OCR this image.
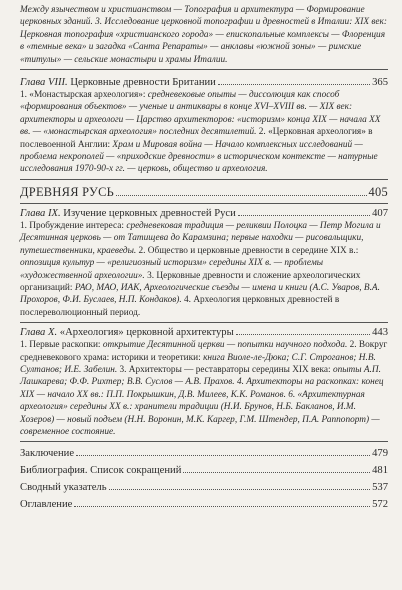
Между язычеством и христианством — Топография и архитектура — Формирование церковных зданий. 3. Исследование церковной топографии и древностей в Италии: XIX век: Церковная топография «христианского города» — епископальные комплексы — Флоренция в «темные века» и загадка «Санта Репараты» — анклавы «южной зоны» — римские «титулы» — сельские монастыри и храмы Италии.

Глава VIII. Церковные древности Британии	365

1. «Монастырская археология»: средневековые опыты — диссолюция как способ «формирования объектов» — ученые и антиквары в конце XVI–XVIII вв. — XIX век: архитекторы и археологи — Царство архитекторов: «историзм» конца XIX — начала XX вв. — «монастырская археология» последних десятилетий. 2. «Церковная археология» в послевоенной Англии: Храм и Мировая война — Начало комплексных исследований — проблема некрополей — «приходские древности» в историческом контексте — натурные исследования 1970-90-х гг. — церковь, общество и археология.

ДРЕВНЯЯ РУСЬ	405
Глава IX. Изучение церковных древностей Руси	407

1. Пробуждение интереса: средневековая традиция — реликвии Полоцка — Петр Могила и Десятинная церковь — от Татищева до Карамзина; первые находки — рисовальщики, путешественники, краеведы. 2. Общество и церковные древности в середине XIX в.: оппозиция культур — «религиозный историзм» середины XIX в. — проблемы «художественной археологии». 3. Церковные древности и сложение археологических организаций: РАО, МАО, ИАК, Археологические съезды — имена и книги (А.С. Уваров, В.А. Прохоров, Ф.И. Буслаев, Н.П. Кондаков). 4. Археология церковных древностей в послереволюционный период.

Глава X. «Археология» церковной архитектуры	443

1. Первые раскопки: открытие Десятинной церкви — попытки научного подхода. 2. Вокруг средневекового храма: историки и теоретики: книга Виоле-ле-Дюка; С.Г. Строганов; Н.В. Султанов; И.Е. Забелин. 3. Архитекторы — реставраторы середины XIX века: опыты А.П. Лашкарева; Ф.Ф. Рихтер; В.В. Суслов — А.В. Прахов. 4. Архитекторы на раскопках: конец XIX — начало XX вв.: П.П. Покрышкин, Д.В. Милеев, К.К. Романов. 6. «Архитектурная археология» середины XX в.: хранители традиции (Н.И. Брунов, Н.Б. Бакланов, И.М. Хозеров) — новый подъем (Н.Н. Воронин, М.К. Каргер, Г.М. Штендер, П.А. Раппопорт) — современное состояние.

Заключение	479
Библиография. Список сокращений	481
Сводный указатель	537
Оглавление	572
